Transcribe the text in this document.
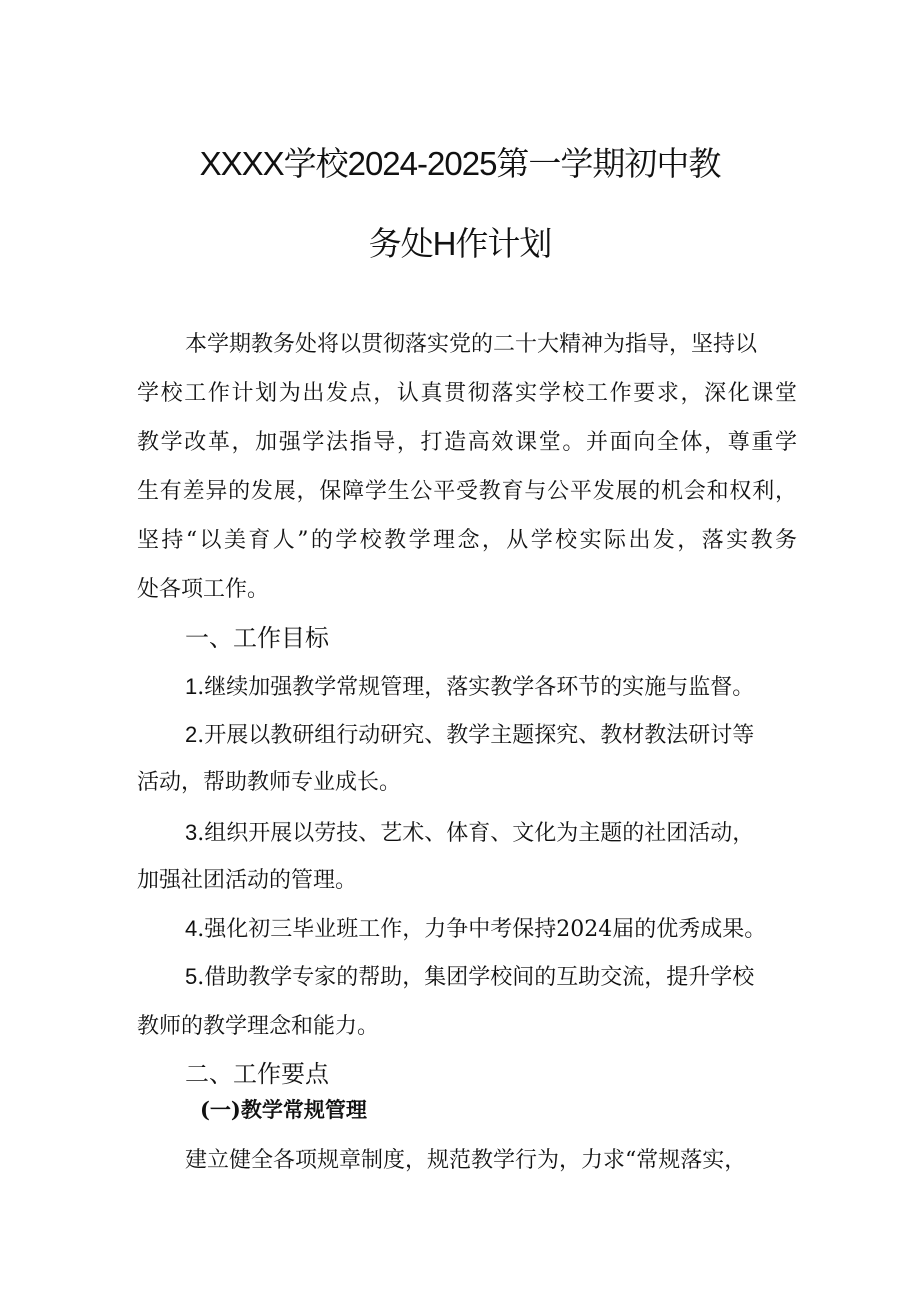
XXXX学校2024-2025第一学期初中教
务处H作计划
本学期教务处将以贯彻落实党的二十大精神为指导，坚持以
学校工作计划为出发点，认真贯彻落实学校工作要求，深化课堂
教学改革，加强学法指导，打造高效课堂。并面向全体，尊重学
生有差异的发展，保障学生公平受教育与公平发展的机会和权利，
坚持“以美育人”的学校教学理念，从学校实际出发，落实教务
处各项工作。
一、工作目标
1.继续加强教学常规管理，落实教学各环节的实施与监督。
2.开展以教研组行动研究、教学主题探究、教材教法研讨等
活动，帮助教师专业成长。
3.组织开展以劳技、艺术、体育、文化为主题的社团活动，
加强社团活动的管理。
4.强化初三毕业班工作，力争中考保持2024届的优秀成果。
5.借助教学专家的帮助，集团学校间的互助交流，提升学校
教师的教学理念和能力。
二、工作要点
(一)教学常规管理
建立健全各项规章制度，规范教学行为，力求“常规落实，
